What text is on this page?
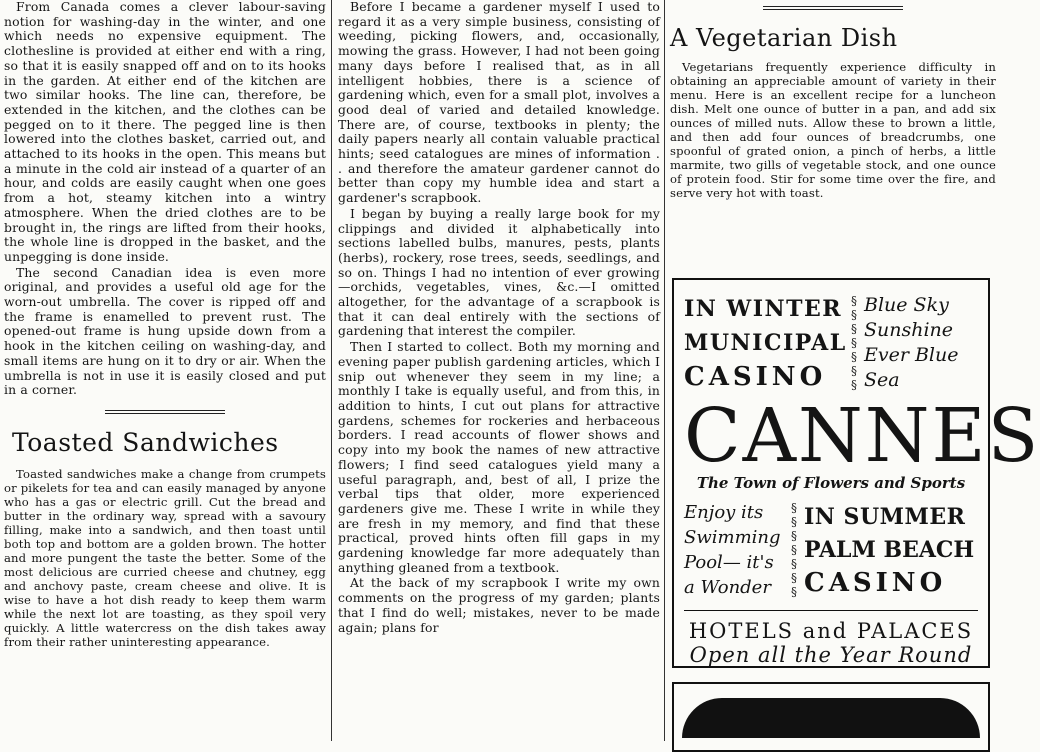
From Canada comes a clever labour-saving notion for washing-day in the winter, and one which needs no expensive equipment. The clothesline is provided at either end with a ring, so that it is easily snapped off and on to its hooks in the garden. At either end of the kitchen are two similar hooks. The line can, therefore, be extended in the kitchen, and the clothes can be pegged on to it there. The pegged line is then lowered into the clothes basket, carried out, and attached to its hooks in the open. This means but a minute in the cold air instead of a quarter of an hour, and colds are easily caught when one goes from a hot, steamy kitchen into a wintry atmosphere. When the dried clothes are to be brought in, the rings are lifted from their hooks, the whole line is dropped in the basket, and the unpegging is done inside.

The second Canadian idea is even more original, and provides a useful old age for the worn-out umbrella. The cover is ripped off and the frame is enamelled to prevent rust. The opened-out frame is hung upside down from a hook in the kitchen ceiling on washing-day, and small items are hung on it to dry or air. When the umbrella is not in use it is easily closed and put in a corner.

Toasted Sandwiches

Toasted sandwiches make a change from crumpets or pikelets for tea and can easily managed by anyone who has a gas or electric grill. Cut the bread and butter in the ordinary way, spread with a savoury filling, make into a sandwich, and then toast until both top and bottom are a golden brown. The hotter and more pungent the taste the better. Some of the most delicious are curried cheese and chutney, egg and anchovy paste, cream cheese and olive. It is wise to have a hot dish ready to keep them warm while the next lot are toasting, as they spoil very quickly. A little watercress on the dish takes away from their rather uninteresting appearance.

Before I became a gardener myself I used to regard it as a very simple business, consisting of weeding, picking flowers, and, occasionally, mowing the grass. However, I had not been going many days before I realised that, as in all intelligent hobbies, there is a science of gardening which, even for a small plot, involves a good deal of varied and detailed knowledge. There are, of course, textbooks in plenty; the daily papers nearly all contain valuable practical hints; seed catalogues are mines of information . . and therefore the amateur gardener cannot do better than copy my humble idea and start a gardener's scrapbook.

I began by buying a really large book for my clippings and divided it alphabetically into sections labelled bulbs, manures, pests, plants (herbs), rockery, rose trees, seeds, seedlings, and so on. Things I had no intention of ever growing—orchids, vegetables, vines, &c.—I omitted altogether, for the advantage of a scrapbook is that it can deal entirely with the sections of gardening that interest the compiler.

Then I started to collect. Both my morning and evening paper publish gardening articles, which I snip out whenever they seem in my line; a monthly I take is equally useful, and from this, in addition to hints, I cut out plans for attractive gardens, schemes for rockeries and herbaceous borders. I read accounts of flower shows and copy into my book the names of new attractive flowers; I find seed catalogues yield many a useful paragraph, and, best of all, I prize the verbal tips that older, more experienced gardeners give me. These I write in while they are fresh in my memory, and find that these practical, proved hints often fill gaps in my gardening knowledge far more adequately than anything gleaned from a textbook.

At the back of my scrapbook I write my own comments on the progress of my garden; plants that I find do well; mistakes, never to be made again; plans for

A Vegetarian Dish

Vegetarians frequently experience difficulty in obtaining an appreciable amount of variety in their menu. Here is an excellent recipe for a luncheon dish. Melt one ounce of butter in a pan, and add six ounces of milled nuts. Allow these to brown a little, and then add four ounces of breadcrumbs, one spoonful of grated onion, a pinch of herbs, a little marmite, two gills of vegetable stock, and one ounce of protein food. Stir for some time over the fire, and serve very hot with toast.

IN WINTER
MUNICIPAL
CASINO
§
§
§
§
§
§
§
Blue Sky
Sunshine
Ever Blue
Sea
CANNES
The Town of Flowers and Sports
Enjoy its
Swimming
Pool— it's
a Wonder
§
§
§
§
§
§
§
IN SUMMER
PALM BEACH
CASINO
HOTELS and PALACES
Open all the Year Round
